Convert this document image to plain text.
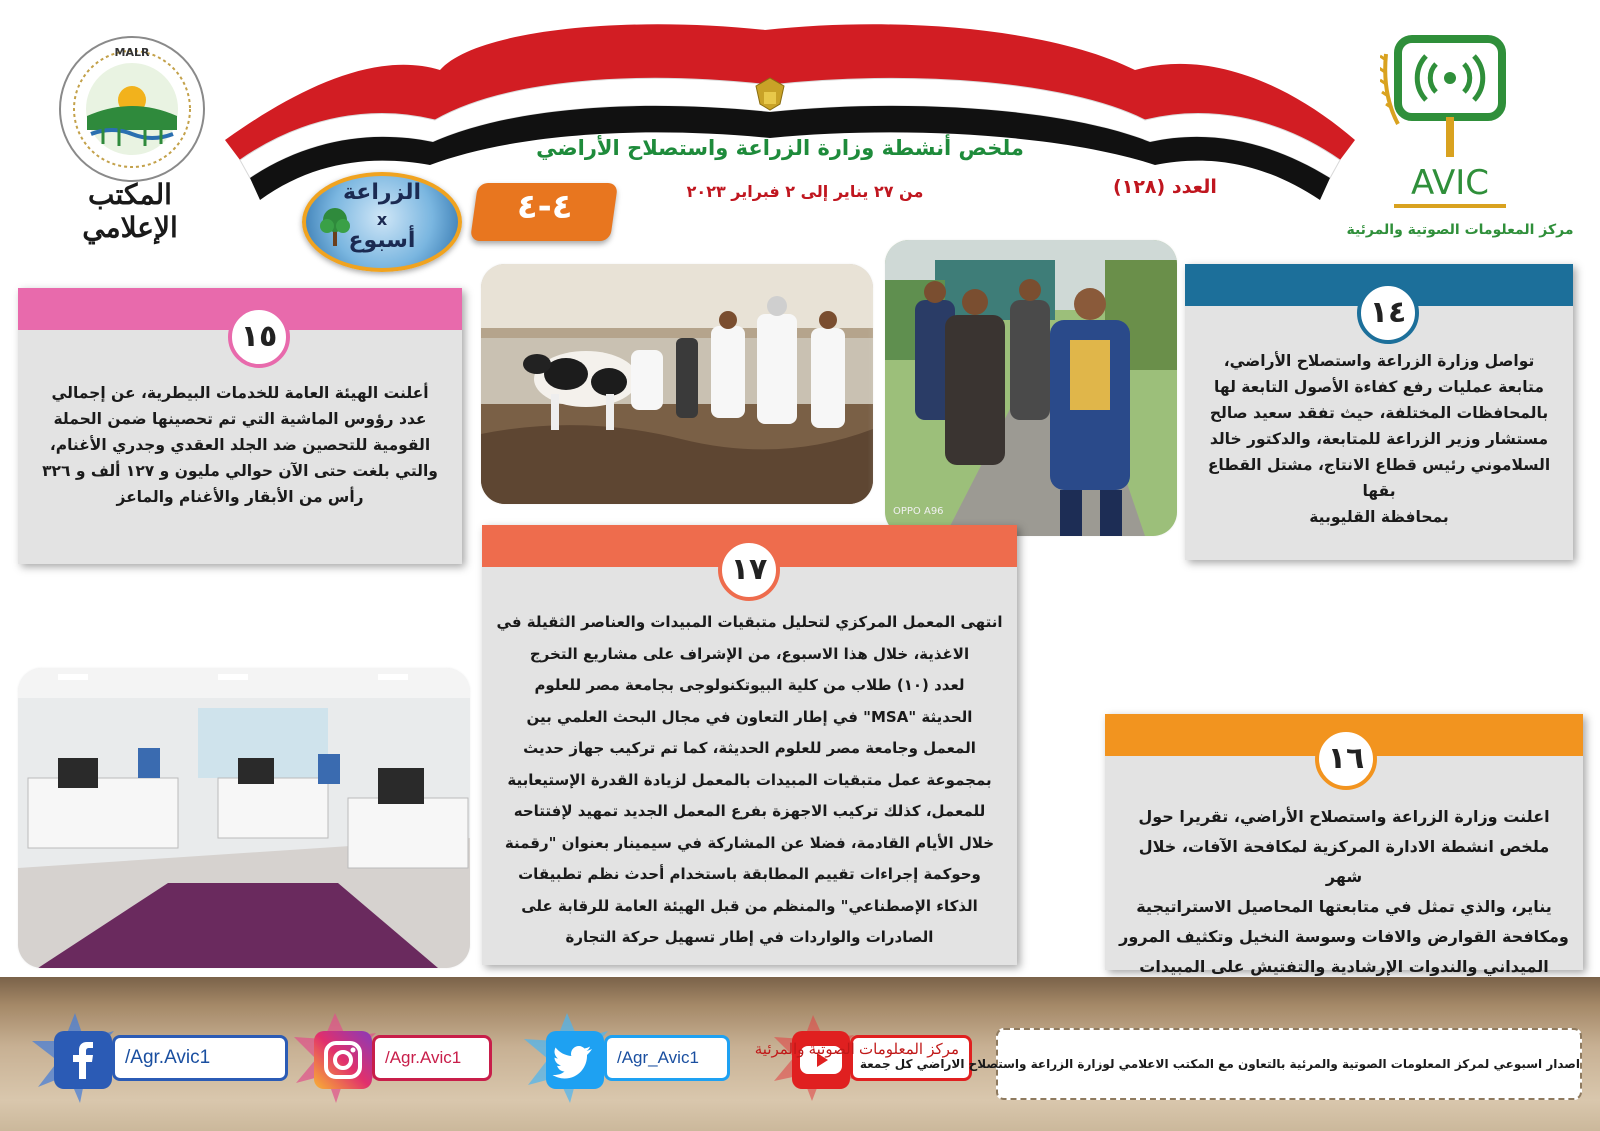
MALR
المكتب الإعلامي
AVIC
مركز المعلومات الصوتية والمرئية
ملخص أنشطة وزارة الزراعة واستصلاح الأراضي
من ٢٧ يناير إلى ٢ فبراير ٢٠٢٣	العدد (١٢٨)
الزراعة
x
أسبوع
٤-٤
OPPO A96
١٥
أعلنت الهيئة العامة للخدمات البيطرية، عن إجمالي
عدد رؤوس الماشية التي تم تحصينها ضمن الحملة
القومية للتحصين ضد الجلد العقدي وجدري الأغنام،
والتي بلغت حتى الآن حوالي مليون و ١٢٧ ألف و ٣٢٦
رأس من الأبقار والأغنام والماعز
١٤
تواصل وزارة الزراعة واستصلاح الأراضي،
متابعة عمليات رفع كفاءة الأصول التابعة لها
بالمحافظات المختلفة، حيث تفقد سعيد صالح
مستشار وزير الزراعة للمتابعة، والدكتور خالد
السلاموني رئيس قطاع الانتاج، مشتل القطاع بقها
بمحافظة القليوبية
١٧
انتهى المعمل المركزي لتحليل متبقيات المبيدات والعناصر الثقيلة في
الاغذية، خلال هذا الاسبوع، من الإشراف على مشاريع التخرج
لعدد (١٠) طلاب من كلية البيوتكنولوجى بجامعة مصر للعلوم
الحديثة "MSA" في إطار التعاون في مجال البحث العلمي بين
المعمل وجامعة مصر للعلوم الحديثة، كما تم تركيب جهاز حديث
بمجموعة عمل متبقيات المبيدات بالمعمل لزيادة القدرة الإستيعابية
للمعمل، كذلك تركيب الاجهزة بفرع المعمل الجديد تمهيد لإفتتاحه
خلال الأيام القادمة، فضلا عن المشاركة في سيمينار بعنوان "رقمنة
وحوكمة إجراءات تقييم المطابقة باستخدام أحدث نظم تطبيقات
الذكاء الإصطناعي" والمنظم من قبل الهيئة العامة للرقابة على
الصادرات والواردات في إطار تسهيل حركة التجارة
١٦
اعلنت وزارة الزراعة واستصلاح الأراضي، تقريرا حول
ملخص انشطة الادارة المركزية لمكافحة الآفات، خلال شهر
يناير، والذي تمثل في متابعتها المحاصيل الاستراتيجية
ومكافحة القوارض والافات وسوسة النخيل وتكثيف المرور
الميداني والندوات الإرشادية والتفتيش على المبيدات
/Agr.Avic1	/Agr.Avic1	/Agr_Avic1	مركز المعلومات الصوتية والمرئية
اصدار اسبوعي لمركز المعلومات الصوتية والمرئية بالتعاون مع المكتب الاعلامي لوزارة الزراعة واستصلاح الاراضي كل جمعة
